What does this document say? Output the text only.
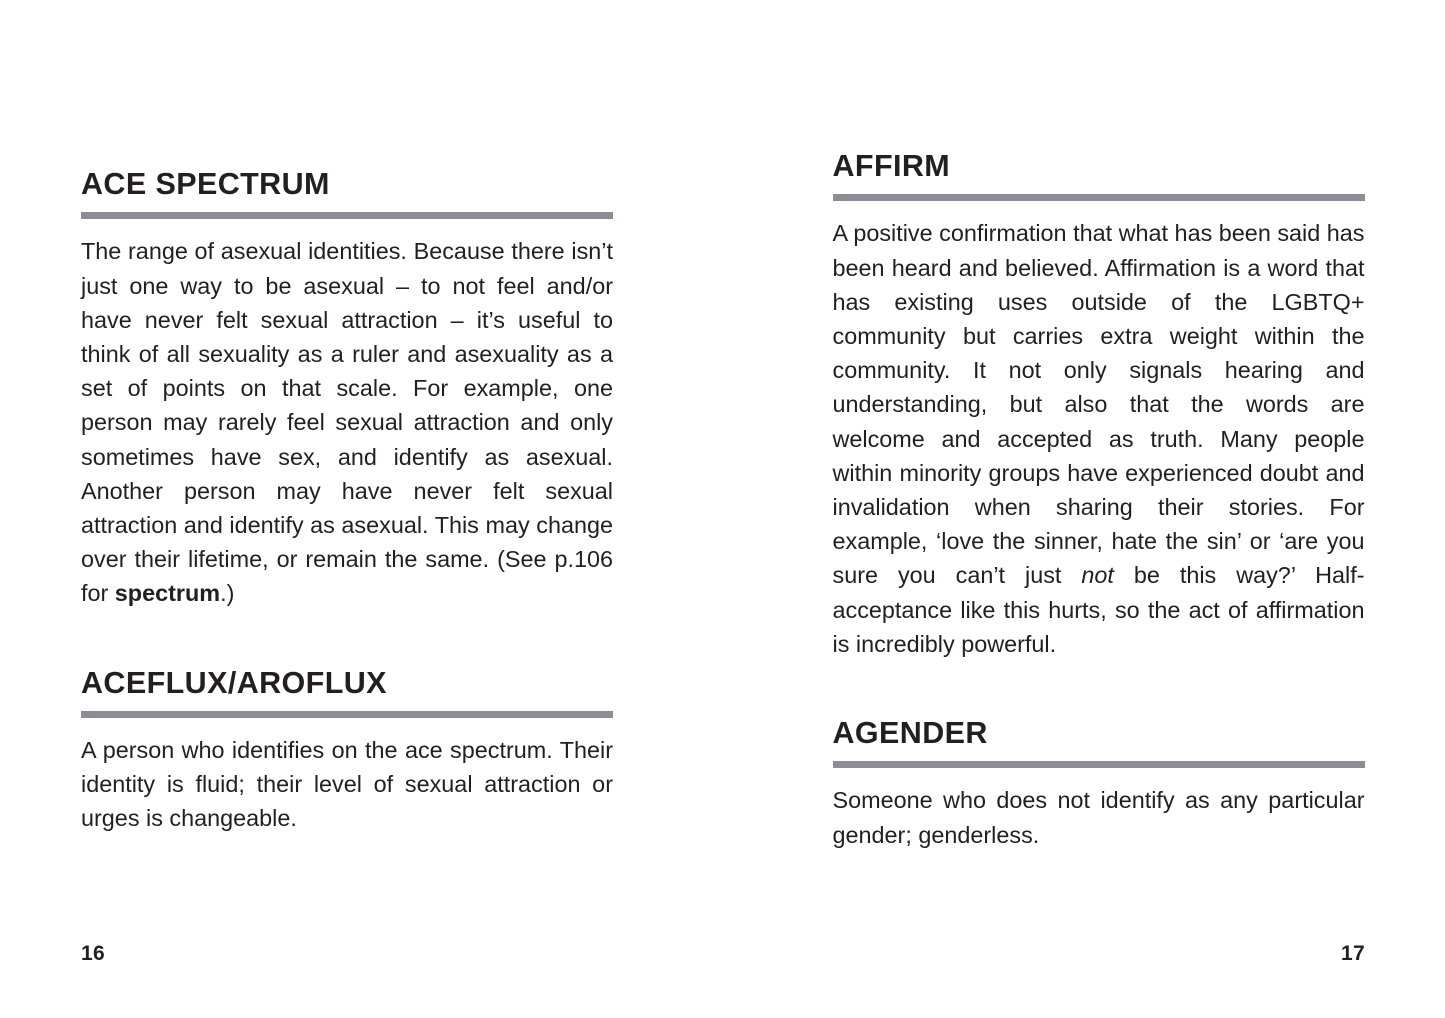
ACE SPECTRUM

The range of asexual identities. Because there isn’t just one way to be asexual – to not feel and/or have never felt sexual attraction – it’s useful to think of all sexuality as a ruler and asexuality as a set of points on that scale. For example, one person may rarely feel sexual attraction and only sometimes have sex, and identify as asexual. Another person may have never felt sexual attraction and identify as asexual. This may change over their lifetime, or remain the same. (See p.106 for spectrum.)

ACEFLUX/AROFLUX

A person who identifies on the ace spectrum. Their identity is fluid; their level of sexual attraction or urges is changeable.

16
AFFIRM

A positive confirmation that what has been said has been heard and believed. Affirmation is a word that has existing uses outside of the LGBTQ+ community but carries extra weight within the community. It not only signals hearing and understanding, but also that the words are welcome and accepted as truth. Many people within minority groups have experienced doubt and invalidation when sharing their stories. For example, ‘love the sinner, hate the sin’ or ‘are you sure you can’t just not be this way?’ Half-acceptance like this hurts, so the act of affirmation is incredibly powerful.

AGENDER

Someone who does not identify as any particular gender; genderless.

17
